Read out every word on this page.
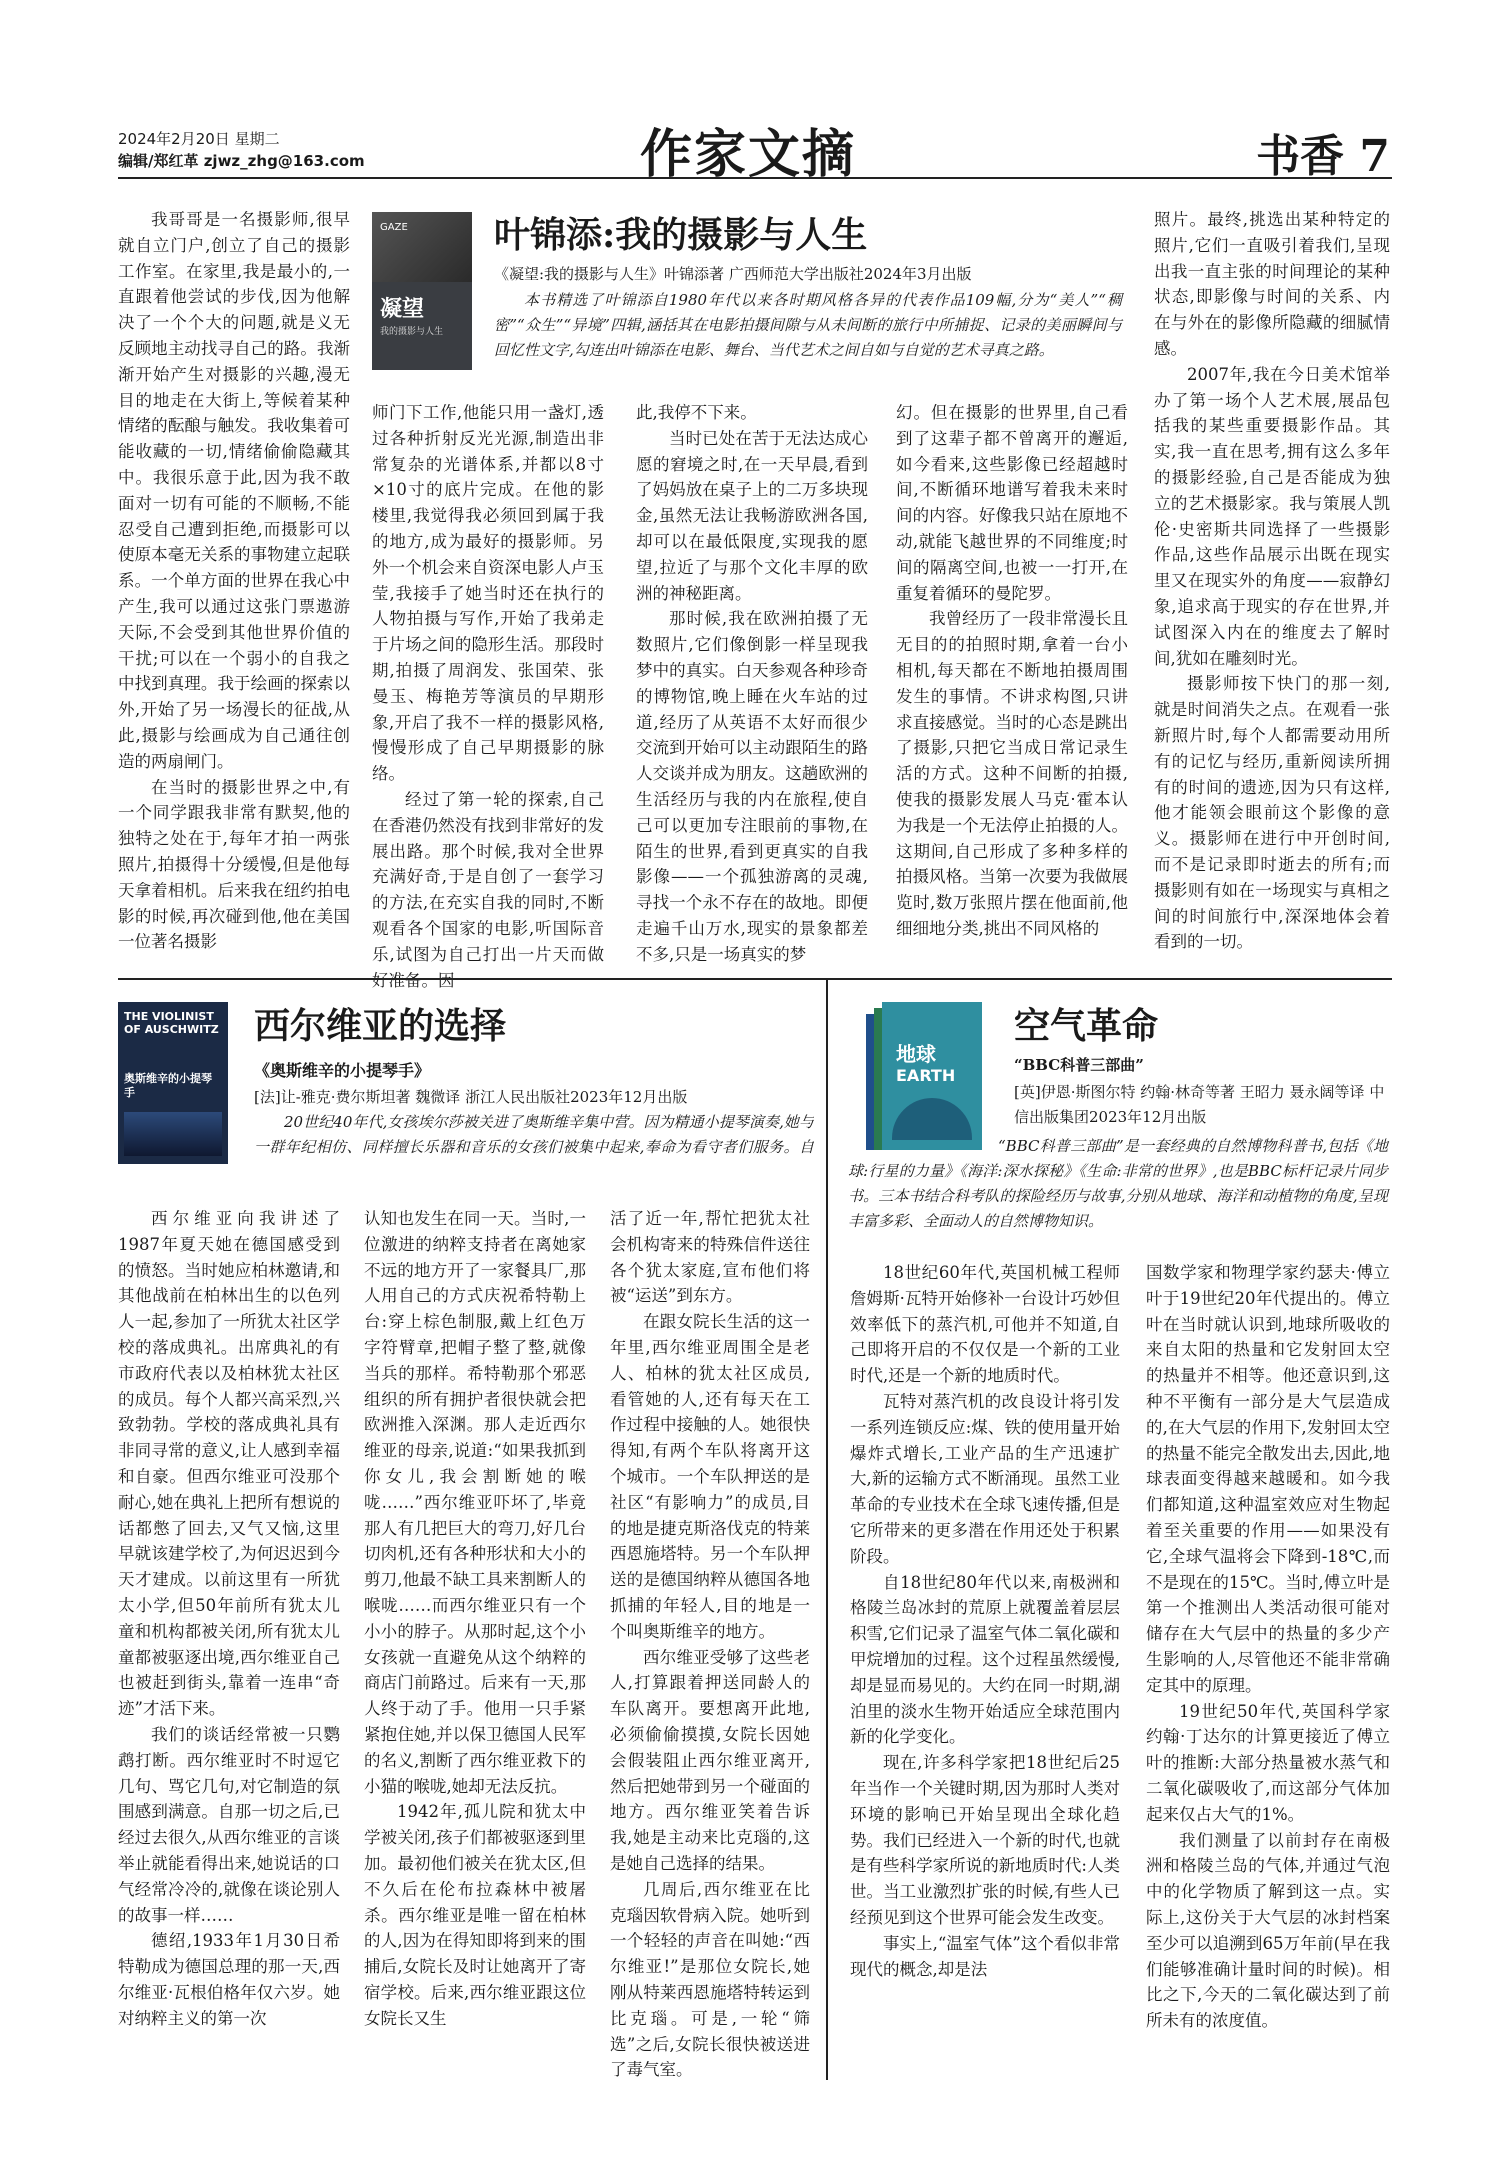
2024年2月20日 星期二
编辑/郑红革 zjwz_zhg@163.com	作家文摘	书香 7
GAZE
凝望
我的摄影与人生
叶锦添:我的摄影与人生
《凝望:我的摄影与人生》叶锦添著 广西师范大学出版社2024年3月出版
本书精选了叶锦添自1980年代以来各时期风格各异的代表作品109幅,分为“美人”“稠密”“众生”“异境”四辑,涵括其在电影拍摄间隙与从未间断的旅行中所捕捉、记录的美丽瞬间与回忆性文字,勾连出叶锦添在电影、舞台、当代艺术之间自如与自觉的艺术寻真之路。

我哥哥是一名摄影师,很早就自立门户,创立了自己的摄影工作室。在家里,我是最小的,一直跟着他尝试的步伐,因为他解决了一个个大的问题,就是义无反顾地主动找寻自己的路。我渐渐开始产生对摄影的兴趣,漫无目的地走在大街上,等候着某种情绪的酝酿与触发。我收集着可能收藏的一切,情绪偷偷隐藏其中。我很乐意于此,因为我不敢面对一切有可能的不顺畅,不能忍受自己遭到拒绝,而摄影可以使原本毫无关系的事物建立起联系。一个单方面的世界在我心中产生,我可以通过这张门票遨游天际,不会受到其他世界价值的干扰;可以在一个弱小的自我之中找到真理。我于绘画的探索以外,开始了另一场漫长的征战,从此,摄影与绘画成为自己通往创造的两扇闸门。

在当时的摄影世界之中,有一个同学跟我非常有默契,他的独特之处在于,每年才拍一两张照片,拍摄得十分缓慢,但是他每天拿着相机。后来我在纽约拍电影的时候,再次碰到他,他在美国一位著名摄影

师门下工作,他能只用一盏灯,透过各种折射反光光源,制造出非常复杂的光谱体系,并都以8寸×10寸的底片完成。在他的影楼里,我觉得我必须回到属于我的地方,成为最好的摄影师。另外一个机会来自资深电影人卢玉莹,我接手了她当时还在执行的人物拍摄与写作,开始了我弟走于片场之间的隐形生活。那段时期,拍摄了周润发、张国荣、张曼玉、梅艳芳等演员的早期形象,开启了我不一样的摄影风格,慢慢形成了自己早期摄影的脉络。

经过了第一轮的探索,自己在香港仍然没有找到非常好的发展出路。那个时候,我对全世界充满好奇,于是自创了一套学习的方法,在充实自我的同时,不断观看各个国家的电影,听国际音乐,试图为自己打出一片天而做好准备。因

此,我停不下来。

当时已处在苦于无法达成心愿的窘境之时,在一天早晨,看到了妈妈放在桌子上的二万多块现金,虽然无法让我畅游欧洲各国,却可以在最低限度,实现我的愿望,拉近了与那个文化丰厚的欧洲的神秘距离。

那时候,我在欧洲拍摄了无数照片,它们像倒影一样呈现我梦中的真实。白天参观各种珍奇的博物馆,晚上睡在火车站的过道,经历了从英语不太好而很少交流到开始可以主动跟陌生的路人交谈并成为朋友。这趟欧洲的生活经历与我的内在旅程,使自己可以更加专注眼前的事物,在陌生的世界,看到更真实的自我影像——一个孤独游离的灵魂,寻找一个永不存在的故地。即便走遍千山万水,现实的景象都差不多,只是一场真实的梦

幻。但在摄影的世界里,自己看到了这辈子都不曾离开的邂逅,如今看来,这些影像已经超越时间,不断循环地谱写着我未来时间的内容。好像我只站在原地不动,就能飞越世界的不同维度;时间的隔离空间,也被一一打开,在重复着循环的曼陀罗。

我曾经历了一段非常漫长且无目的的拍照时期,拿着一台小相机,每天都在不断地拍摄周围发生的事情。不讲求构图,只讲求直接感觉。当时的心态是跳出了摄影,只把它当成日常记录生活的方式。这种不间断的拍摄,使我的摄影发展人马克·霍本认为我是一个无法停止拍摄的人。这期间,自己形成了多种多样的拍摄风格。当第一次要为我做展览时,数万张照片摆在他面前,他细细地分类,挑出不同风格的

照片。最终,挑选出某种特定的照片,它们一直吸引着我们,呈现出我一直主张的时间理论的某种状态,即影像与时间的关系、内在与外在的影像所隐藏的细腻情感。

2007年,我在今日美术馆举办了第一场个人艺术展,展品包括我的某些重要摄影作品。其实,我一直在思考,拥有这么多年的摄影经验,自己是否能成为独立的艺术摄影家。我与策展人凯伦·史密斯共同选择了一些摄影作品,这些作品展示出既在现实里又在现实外的角度——寂静幻象,追求高于现实的存在世界,并试图深入内在的维度去了解时间,犹如在雕刻时光。

摄影师按下快门的那一刻,就是时间消失之点。在观看一张新照片时,每个人都需要动用所有的记忆与经历,重新阅读所拥有的时间的遗迹,因为只有这样,他才能领会眼前这个影像的意义。摄影师在进行中开创时间,而不是记录即时逝去的所有;而摄影则有如在一场现实与真相之间的时间旅行中,深深地体会着看到的一切。

THE VIOLINIST OF AUSCHWITZ
奥斯维辛的小提琴手
西尔维亚的选择
《奥斯维辛的小提琴手》
[法]让-雅克·费尔斯坦著 魏微译 浙江人民出版社2023年12月出版
20世纪40年代,女孩埃尔莎被关进了奥斯维辛集中营。因为精通小提琴演奏,她与一群年纪相仿、同样擅长乐器和音乐的女孩们被集中起来,奉命为看守者们服务。自

西尔维亚向我讲述了1987年夏天她在德国感受到的愤怒。当时她应柏林邀请,和其他战前在柏林出生的以色列人一起,参加了一所犹太社区学校的落成典礼。出席典礼的有市政府代表以及柏林犹太社区的成员。每个人都兴高采烈,兴致勃勃。学校的落成典礼具有非同寻常的意义,让人感到幸福和自豪。但西尔维亚可没那个耐心,她在典礼上把所有想说的话都憋了回去,又气又恼,这里早就该建学校了,为何迟迟到今天才建成。以前这里有一所犹太小学,但50年前所有犹太儿童和机构都被关闭,所有犹太儿童都被驱逐出境,西尔维亚自己也被赶到街头,靠着一连串“奇迹”才活下来。

我们的谈话经常被一只鹦鹉打断。西尔维亚时不时逗它几句、骂它几句,对它制造的氛围感到满意。自那一切之后,已经过去很久,从西尔维亚的言谈举止就能看得出来,她说话的口气经常冷冷的,就像在谈论别人的故事一样……

德绍,1933年1月30日希特勒成为德国总理的那一天,西尔维亚·瓦根伯格年仅六岁。她对纳粹主义的第一次

认知也发生在同一天。当时,一位激进的纳粹支持者在离她家不远的地方开了一家餐具厂,那人用自己的方式庆祝希特勒上台:穿上棕色制服,戴上红色万字符臂章,把帽子整了整,就像当兵的那样。希特勒那个邪恶组织的所有拥护者很快就会把欧洲推入深渊。那人走近西尔维亚的母亲,说道:“如果我抓到你女儿,我会割断她的喉咙……”西尔维亚吓坏了,毕竟那人有几把巨大的弯刀,好几台切肉机,还有各种形状和大小的剪刀,他最不缺工具来割断人的喉咙……而西尔维亚只有一个小小的脖子。从那时起,这个小女孩就一直避免从这个纳粹的商店门前路过。后来有一天,那人终于动了手。他用一只手紧紧抱住她,并以保卫德国人民军的名义,割断了西尔维亚救下的小猫的喉咙,她却无法反抗。

1942年,孤儿院和犹太中学被关闭,孩子们都被驱逐到里加。最初他们被关在犹太区,但不久后在伦布拉森林中被屠杀。西尔维亚是唯一留在柏林的人,因为在得知即将到来的围捕后,女院长及时让她离开了寄宿学校。后来,西尔维亚跟这位女院长又生

活了近一年,帮忙把犹太社会机构寄来的特殊信件送往各个犹太家庭,宣布他们将被“运送”到东方。

在跟女院长生活的这一年里,西尔维亚周围全是老人、柏林的犹太社区成员,看管她的人,还有每天在工作过程中接触的人。她很快得知,有两个车队将离开这个城市。一个车队押送的是社区“有影响力”的成员,目的地是捷克斯洛伐克的特莱西恩施塔特。另一个车队押送的是德国纳粹从德国各地抓捕的年轻人,目的地是一个叫奥斯维辛的地方。

西尔维亚受够了这些老人,打算跟着押送同龄人的车队离开。要想离开此地,必须偷偷摸摸,女院长因她会假装阻止西尔维亚离开,然后把她带到另一个碰面的地方。西尔维亚笑着告诉我,她是主动来比克瑙的,这是她自己选择的结果。

几周后,西尔维亚在比克瑙因软骨病入院。她听到一个轻轻的声音在叫她:“西尔维亚!”是那位女院长,她刚从特莱西恩施塔特转运到比克瑙。可是,一轮“筛选”之后,女院长很快被送进了毒气室。

地球
EARTH
空气革命
“BBC科普三部曲”
[英]伊恩·斯图尔特 约翰·林奇等著 王昭力 聂永阔等译 中信出版集团2023年12月出版
“BBC科普三部曲”是一套经典的自然博物科普书,包括《地球:行星的力量》《海洋:深水探秘》《生命:非常的世界》,也是BBC标杆记录片同步书。三本书结合科考队的探险经历与故事,分别从地球、海洋和动植物的角度,呈现丰富多彩、全面动人的自然博物知识。

18世纪60年代,英国机械工程师詹姆斯·瓦特开始修补一台设计巧妙但效率低下的蒸汽机,可他并不知道,自己即将开启的不仅仅是一个新的工业时代,还是一个新的地质时代。

瓦特对蒸汽机的改良设计将引发一系列连锁反应:煤、铁的使用量开始爆炸式增长,工业产品的生产迅速扩大,新的运输方式不断涌现。虽然工业革命的专业技术在全球飞速传播,但是它所带来的更多潜在作用还处于积累阶段。

自18世纪80年代以来,南极洲和格陵兰岛冰封的荒原上就覆盖着层层积雪,它们记录了温室气体二氧化碳和甲烷增加的过程。这个过程虽然缓慢,却是显而易见的。大约在同一时期,湖泊里的淡水生物开始适应全球范围内新的化学变化。

现在,许多科学家把18世纪后25年当作一个关键时期,因为那时人类对环境的影响已开始呈现出全球化趋势。我们已经进入一个新的时代,也就是有些科学家所说的新地质时代:人类世。当工业激烈扩张的时候,有些人已经预见到这个世界可能会发生改变。

事实上,“温室气体”这个看似非常现代的概念,却是法

国数学家和物理学家约瑟夫·傅立叶于19世纪20年代提出的。傅立叶在当时就认识到,地球所吸收的来自太阳的热量和它发射回太空的热量并不相等。他还意识到,这种不平衡有一部分是大气层造成的,在大气层的作用下,发射回太空的热量不能完全散发出去,因此,地球表面变得越来越暖和。如今我们都知道,这种温室效应对生物起着至关重要的作用——如果没有它,全球气温将会下降到-18℃,而不是现在的15℃。当时,傅立叶是第一个推测出人类活动很可能对储存在大气层中的热量的多少产生影响的人,尽管他还不能非常确定其中的原理。

19世纪50年代,英国科学家约翰·丁达尔的计算更接近了傅立叶的推断:大部分热量被水蒸气和二氧化碳吸收了,而这部分气体加起来仅占大气的1%。

我们测量了以前封存在南极洲和格陵兰岛的气体,并通过气泡中的化学物质了解到这一点。实际上,这份关于大气层的冰封档案至少可以追溯到65万年前(早在我们能够准确计量时间的时候)。相比之下,今天的二氧化碳达到了前所未有的浓度值。
